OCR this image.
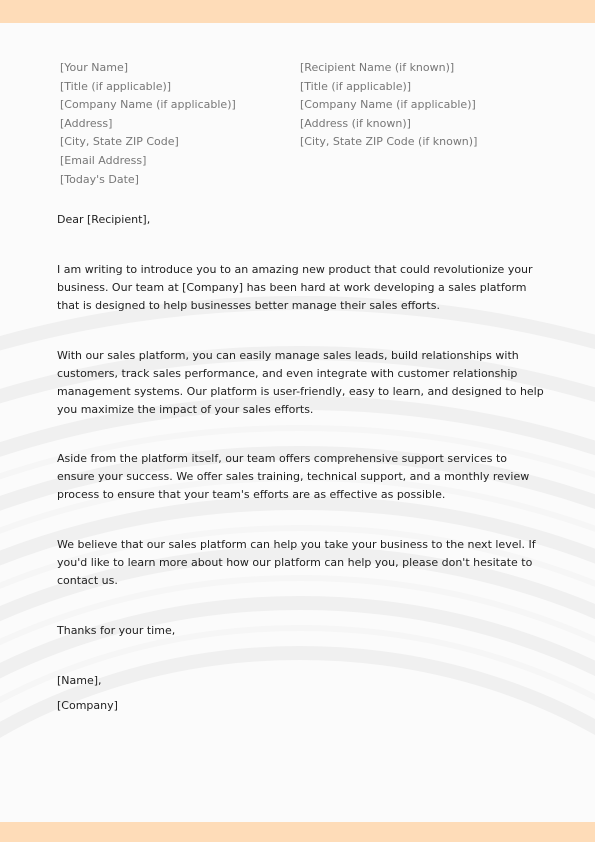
[Your Name]
[Title (if applicable)]
[Company Name (if applicable)]
[Address]
[City, State ZIP Code]
[Email Address]
[Today's Date]
[Recipient Name (if known)]
[Title (if applicable)]
[Company Name (if applicable)]
[Address (if known)]
[City, State ZIP Code (if known)]
Dear [Recipient],

I am writing to introduce you to an amazing new product that could revolutionize your business. Our team at [Company] has been hard at work developing a sales platform that is designed to help businesses better manage their sales efforts.

With our sales platform, you can easily manage sales leads, build relationships with customers, track sales performance, and even integrate with customer relationship management systems. Our platform is user-friendly, easy to learn, and designed to help you maximize the impact of your sales efforts.

Aside from the platform itself, our team offers comprehensive support services to ensure your success. We offer sales training, technical support, and a monthly review process to ensure that your team's efforts are as effective as possible.

We believe that our sales platform can help you take your business to the next level. If you'd like to learn more about how our platform can help you, please don't hesitate to contact us.

Thanks for your time,
[Name],
[Company]
